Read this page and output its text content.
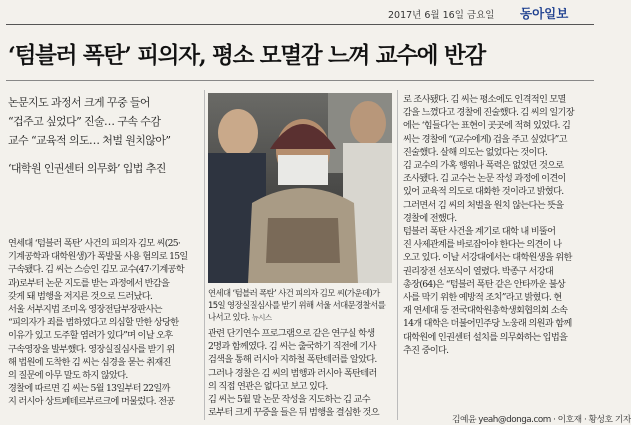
2017년 6월 16일 금요일 동아일보
‘텀블러 폭탄’ 피의자, 평소 모멸감 느껴 교수에 반감
논문지도 과정서 크게 꾸중 들어
“겁주고 싶었다” 진술… 구속 수감
교수 “교육적 의도… 처벌 원치않아”
‘대학원 인권센터 의무화’ 입법 추진

연세대 ‘텀블러 폭탄’ 사건의 피의자 김모 씨(25·

기계공학과 대학원생)가 폭발물 사용 혐의로 15일

구속됐다. 김 씨는 스승인 김모 교수(47·기계공학

과)로부터 논문 지도를 받는 과정에서 반감을

갖게 돼 범행을 저지른 것으로 드러났다.

서울 서부지법 조미옥 영장전담부장판사는

“피의자가 죄를 범하였다고 의심할 만한 상당한

이유가 있고 도주할 염려가 있다”며 이날 오후

구속영장을 발부했다. 영장실질심사를 받기 위

해 법원에 도착한 김 씨는 심경을 묻는 취재진

의 질문에 아무 말도 하지 않았다.

경찰에 따르면 김 씨는 5월 13일부터 22일까

지 러시아 상트페테르부르크에 머물렀다. 전공

연세대 ‘텀블러 폭탄’ 사건 피의자 김모 씨(가운데)가

15일 영장실질심사를 받기 위해 서울 서대문경찰서를

나서고 있다. 뉴시스

관련 단기연수 프로그램으로 같은 연구실 학생

2명과 함께였다. 김 씨는 출국하기 직전에 기사

검색을 통해 러시아 지하철 폭탄테러를 알았다.

그러나 경찰은 김 씨의 범행과 러시아 폭탄테러

의 직접 연관은 없다고 보고 있다.

김 씨는 5월 말 논문 작성을 지도하는 김 교수

로부터 크게 꾸중을 들은 뒤 범행을 결심한 것으

로 조사됐다. 김 씨는 평소에도 인격적인 모멸

감을 느꼈다고 경찰에 진술했다. 김 씨의 일기장

에는 ‘힘들다’는 표현이 곳곳에 적혀 있었다. 김

씨는 경찰에 “(교수에게) 겁을 주고 싶었다”고

진술했다. 살해 의도는 없었다는 것이다.

김 교수의 가혹 행위나 폭력은 없었던 것으로

조사됐다. 김 교수는 논문 작성 과정에 이견이

있어 교육적 의도로 대화한 것이라고 밝혔다.

그러면서 김 씨의 처벌을 원치 않는다는 뜻을

경찰에 전했다.

텀블러 폭탄 사건을 계기로 대학 내 비뚤어

진 사제관계를 바로잡아야 한다는 의견이 나

오고 있다. 이날 서강대에서는 대학원생을 위한

권리장전 선포식이 열렸다. 박종구 서강대

총장(64)은 “텀블러 폭탄 같은 안타까운 불상

사를 막기 위한 예방적 조치”라고 밝혔다. 현

재 연세대 등 전국대학원총학생회협의회 소속

14개 대학은 더불어민주당 노웅래 의원과 함께

대학원에 인권센터 설치를 의무화하는 입법을

추진 중이다.

김예윤 yeah@donga.com · 이호재 · 황성호 기자
